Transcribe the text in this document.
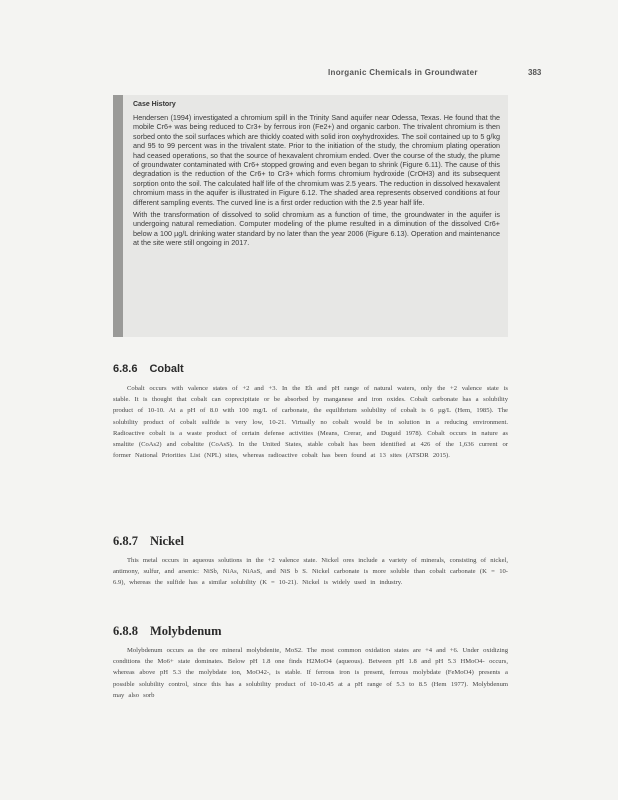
Inorganic Chemicals in Groundwater	383

Case History

Hendersen (1994) investigated a chromium spill in the Trinity Sand aquifer near Odessa, Texas. He found that the mobile Cr6+ was being reduced to Cr3+ by ferrous iron (Fe2+) and organic carbon. The trivalent chromium is then sorbed onto the soil surfaces which are thickly coated with solid iron oxyhydroxides. The soil contained up to 5 g/kg and 95 to 99 percent was in the trivalent state. Prior to the initiation of the study, the chromium plating operation had ceased operations, so that the source of hexavalent chromium ended. Over the course of the study, the plume of groundwater contaminated with Cr6+ stopped growing and even began to shrink (Figure 6.11). The cause of this degradation is the reduction of the Cr6+ to Cr3+ which forms chromium hydroxide (CrOH3) and its subsequent sorption onto the soil. The calculated half life of the chromium was 2.5 years. The reduction in dissolved hexavalent chromium mass in the aquifer is illustrated in Figure 6.12. The shaded area represents observed conditions at four different sampling events. The curved line is a first order reduction with the 2.5 year half life.

With the transformation of dissolved to solid chromium as a function of time, the groundwater in the aquifer is undergoing natural remediation. Computer modeling of the plume resulted in a diminution of the dissolved Cr6+ below a 100 µg/L drinking water standard by no later than the year 2006 (Figure 6.13). Operation and maintenance at the site were still ongoing in 2017.

6.8.6 Cobalt

Cobalt occurs with valence states of +2 and +3. In the Eh and pH range of natural waters, only the +2 valence state is stable. It is thought that cobalt can coprecipitate or be absorbed by manganese and iron oxides. Cobalt carbonate has a solubility product of 10-10. At a pH of 8.0 with 100 mg/L of carbonate, the equilibrium solubility of cobalt is 6 µg/L (Hem, 1985). The solubility product of cobalt sulfide is very low, 10-21. Virtually no cobalt would be in solution in a reducing environment. Radioactive cobalt is a waste product of certain defense activities (Means, Crerar, and Duguid 1978). Cobalt occurs in nature as smaltite (CoAs2) and cobaltite (CoAsS). In the United States, stable cobalt has been identified at 426 of the 1,636 current or former National Priorities List (NPL) sites, whereas radioactive cobalt has been found at 13 sites (ATSDR 2015).

6.8.7 Nickel

This metal occurs in aqueous solutions in the +2 valence state. Nickel ores include a variety of minerals, consisting of nickel, antimony, sulfur, and arsenic: NiSb, NiAs, NiAsS, and NiS b S. Nickel carbonate is more soluble than cobalt carbonate (K = 10-6.9), whereas the sulfide has a similar solubility (K = 10-21). Nickel is widely used in industry.

6.8.8 Molybdenum

Molybdenum occurs as the ore mineral molybdenite, MoS2. The most common oxidation states are +4 and +6. Under oxidizing conditions the Mo6+ state dominates. Below pH 1.8 one finds H2MoO4 (aqueous). Between pH 1.8 and pH 5.3 HMoO4- occurs, whereas above pH 5.3 the molybdate ion, MoO42-, is stable. If ferrous iron is present, ferrous molybdate (FeMoO4) presents a possible solubility control, since this has a solubility product of 10-10.45 at a pH range of 5.3 to 8.5 (Hem 1977). Molybdenum may also sorb
